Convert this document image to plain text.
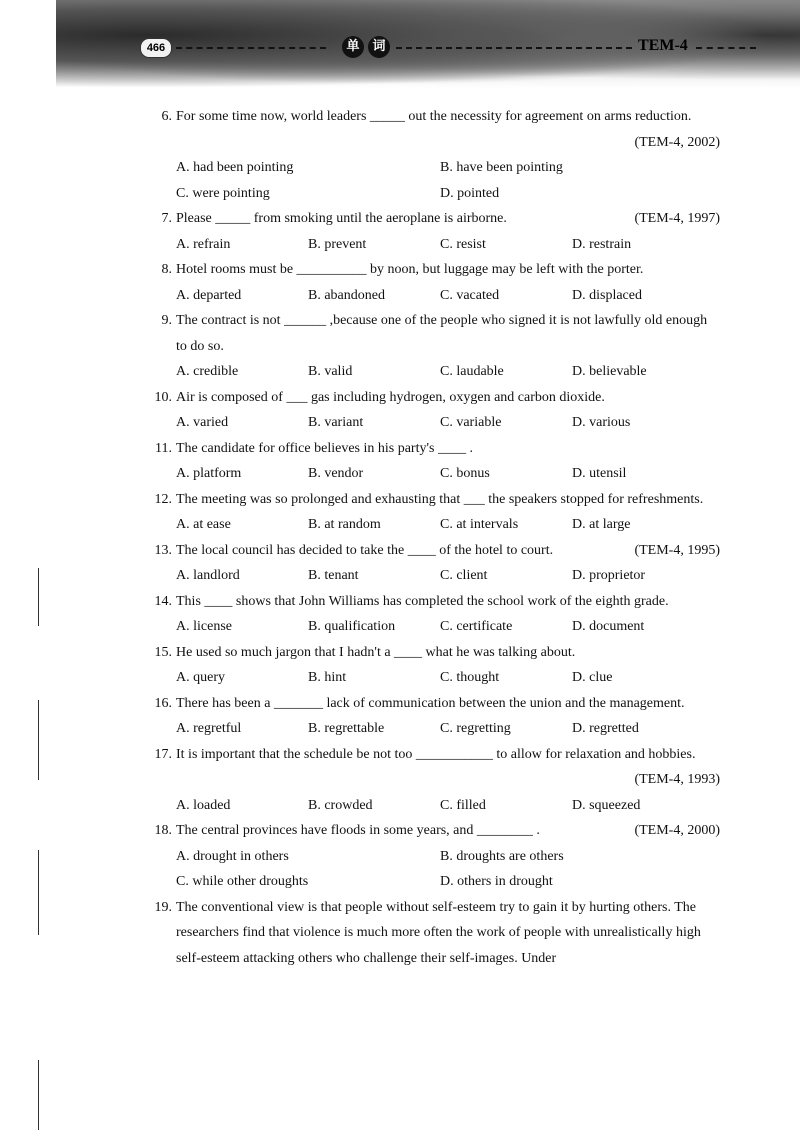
466	单 词	TEM-4
6. For some time now, world leaders _____ out the necessity for agreement on arms reduction.
(TEM-4, 2002)
A. had been pointing	B. have been pointing
C. were pointing	D. pointed
7. Please _____ from smoking until the aeroplane is airborne.	(TEM-4, 1997)
A. refrain	B. prevent	C. resist	D. restrain
8. Hotel rooms must be __________ by noon, but luggage may be left with the porter.
A. departed	B. abandoned	C. vacated	D. displaced
9. The contract is not ______ ,because one of the people who signed it is not lawfully old enough to do so.
A. credible	B. valid	C. laudable	D. believable
10. Air is composed of ___ gas including hydrogen, oxygen and carbon dioxide.
A. varied	B. variant	C. variable	D. various
11. The candidate for office believes in his party's ____ .
A. platform	B. vendor	C. bonus	D. utensil
12. The meeting was so prolonged and exhausting that ___ the speakers stopped for refreshments.
A. at ease	B. at random	C. at intervals	D. at large
13. The local council has decided to take the ____ of the hotel to court.	(TEM-4, 1995)
A. landlord	B. tenant	C. client	D. proprietor
14. This ____ shows that John Williams has completed the school work of the eighth grade.
A. license	B. qualification	C. certificate	D. document
15. He used so much jargon that I hadn't a ____ what he was talking about.
A. query	B. hint	C. thought	D. clue
16. There has been a _______ lack of communication between the union and the management.
A. regretful	B. regrettable	C. regretting	D. regretted
17. It is important that the schedule be not too ___________ to allow for relaxation and hobbies.
(TEM-4, 1993)
A. loaded	B. crowded	C. filled	D. squeezed
18. The central provinces have floods in some years, and ________ .	(TEM-4, 2000)
A. drought in others	B. droughts are others
C. while other droughts	D. others in drought
19. The conventional view is that people without self-esteem try to gain it by hurting others. The researchers find that violence is much more often the work of people with unrealistically high self-esteem attacking others who challenge their self-images. Under
